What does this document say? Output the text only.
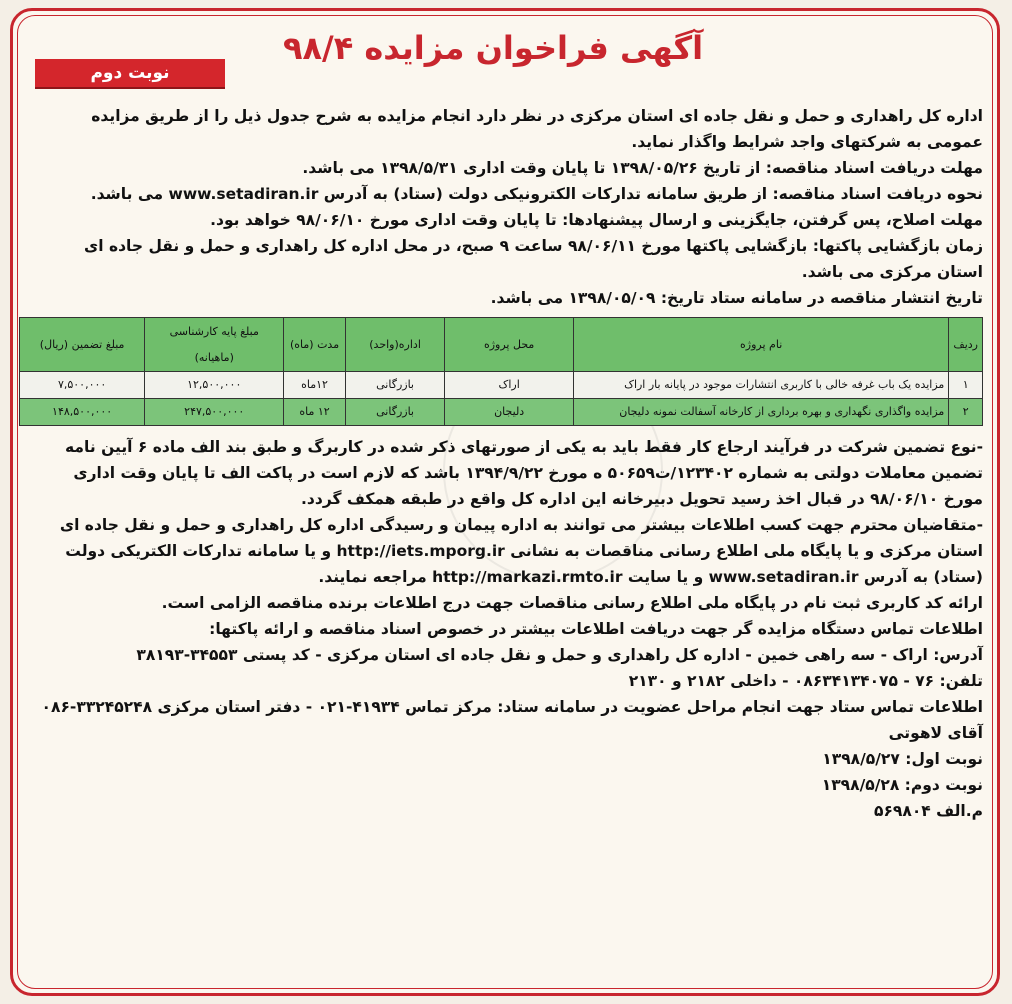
آگهی فراخوان مزایده ۹۸/۴
نوبت دوم

اداره کل راهداری و حمل و نقل جاده ای استان مرکزی در نظر دارد انجام مزایده به شرح جدول ذیل را از طریق مزایده عمومی به شرکتهای واجد شرایط واگذار نماید.

مهلت دریافت اسناد مناقصه: از تاریخ ۱۳۹۸/۰۵/۲۶ تا پایان وقت اداری ۱۳۹۸/۵/۳۱ می باشد.

نحوه دریافت اسناد مناقصه: از طریق سامانه تدارکات الکترونیکی دولت (ستاد) به آدرس www.setadiran.ir می باشد.

مهلت اصلاح، پس گرفتن، جایگزینی و ارسال پیشنهادها: تا پایان وقت اداری مورخ ۹۸/۰۶/۱۰ خواهد بود.

زمان بازگشایی پاکتها: بازگشایی پاکتها مورخ ۹۸/۰۶/۱۱ ساعت ۹ صبح، در محل اداره کل راهداری و حمل و نقل جاده ای استان مرکزی می باشد.

تاریخ انتشار مناقصه در سامانه ستاد تاریخ: ۱۳۹۸/۰۵/۰۹ می باشد.

ردیف	نام پروژه	محل پروژه	اداره(واحد)	مدت (ماه)	مبلغ پایه کارشناسی (ماهیانه)	مبلغ تضمین (ریال)
۱	مزایده یک باب غرفه خالی با کاربری انتشارات موجود در پایانه بار اراک	اراک	بازرگانی	۱۲ماه	۱۲,۵۰۰,۰۰۰	۷,۵۰۰,۰۰۰
۲	مزایده واگذاری نگهداری و بهره برداری از کارخانه آسفالت نمونه دلیجان	دلیجان	بازرگانی	۱۲ ماه	۲۴۷,۵۰۰,۰۰۰	۱۴۸,۵۰۰,۰۰۰

-نوع تضمین شرکت در فرآیند ارجاع کار فقط باید به یکی از صورتهای ذکر شده در کاربرگ و طبق بند الف ماده ۶ آیین نامه تضمین معاملات دولتی به شماره ۱۲۳۴۰۲/ت۵۰۶۵۹ ه مورخ ۱۳۹۴/۹/۲۲ باشد که لازم است در پاکت الف تا پایان وقت اداری مورخ ۹۸/۰۶/۱۰ در قبال اخذ رسید تحویل دبیرخانه این اداره کل واقع در طبقه همکف گردد.

-متقاضیان محترم جهت کسب اطلاعات بیشتر می توانند به اداره پیمان و رسیدگی اداره کل راهداری و حمل و نقل جاده ای استان مرکزی و یا پایگاه ملی اطلاع رسانی مناقصات به نشانی http://iets.mporg.ir و یا سامانه تدارکات الکتریکی دولت (ستاد) به آدرس www.setadiran.ir و یا سایت http://markazi.rmto.ir مراجعه نمایند.

ارائه کد کاربری ثبت نام در پایگاه ملی اطلاع رسانی مناقصات جهت درج اطلاعات برنده مناقصه الزامی است.

اطلاعات تماس دستگاه مزایده گر جهت دریافت اطلاعات بیشتر در خصوص اسناد مناقصه و ارائه پاکتها:

آدرس: اراک - سه راهی خمین - اداره کل راهداری و حمل و نقل جاده ای استان مرکزی - کد پستی ۳۴۵۵۳-۳۸۱۹۳

تلفن: ۷۶ - ۰۸۶۳۴۱۳۴۰۷۵ - داخلی ۲۱۸۲ و ۲۱۳۰

اطلاعات تماس ستاد جهت انجام مراحل عضویت در سامانه ستاد: مرکز تماس ۴۱۹۳۴-۰۲۱ - دفتر استان مرکزی ۳۳۲۴۵۲۴۸-۰۸۶ آقای لاهوتی

نوبت اول: ۱۳۹۸/۵/۲۷

نوبت دوم: ۱۳۹۸/۵/۲۸

م.الف ۵۶۹۸۰۴
